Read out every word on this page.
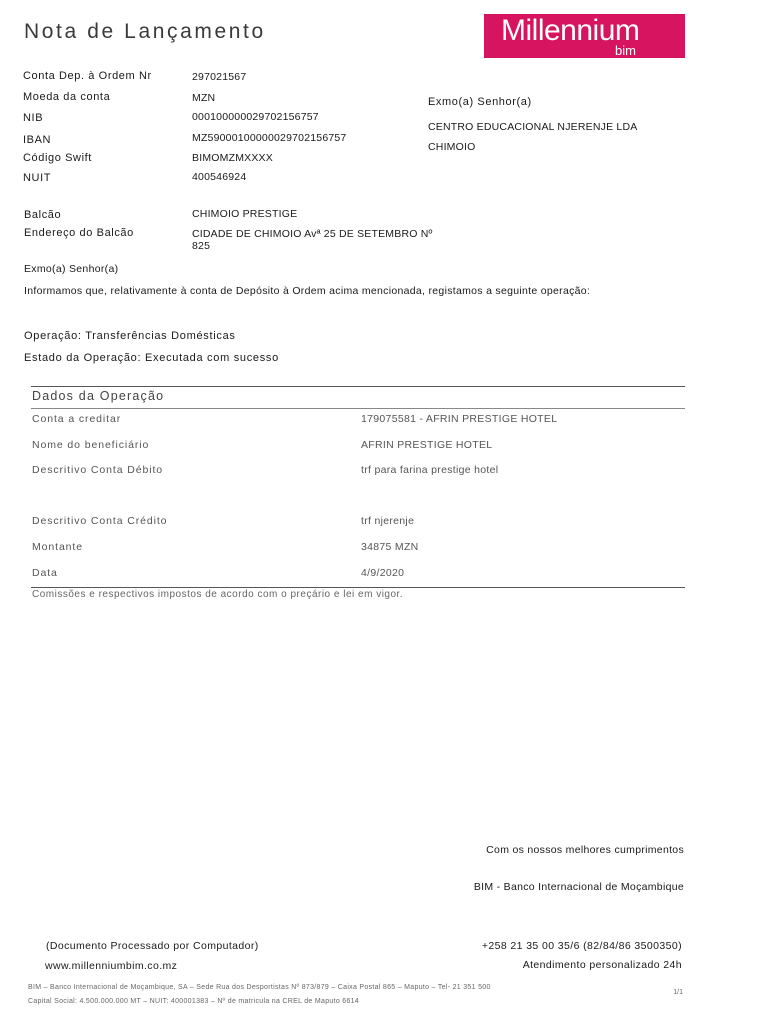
Nota de Lançamento	Millennium
bim
Conta Dep. à Ordem Nr	297021567
Moeda da conta	MZN
NIB	000100000029702156757
IBAN	MZ59000100000029702156757
Código Swift	BIMOMZMXXXX
NUIT	400546924
Balcão	CHIMOIO PRESTIGE
Endereço do Balcão	CIDADE DE CHIMOIO Avª 25 DE SETEMBRO Nº 825
Exmo(a) Senhor(a)
CENTRO EDUCACIONAL NJERENJE LDA
CHIMOIO
Exmo(a) Senhor(a)
Informamos que, relativamente à conta de Depósito à Ordem acima mencionada, registamos a seguinte operação:
Operação: Transferências Domésticas
Estado da Operação: Executada com sucesso
Dados da Operação
Conta a creditar	179075581 - AFRIN PRESTIGE HOTEL
Nome do beneficiário	AFRIN PRESTIGE HOTEL
Descritivo Conta Débito	trf para farina prestige hotel
Descritivo Conta Crédito	trf njerenje
Montante	34875 MZN
Data	4/9/2020
Comissões e respectivos impostos de acordo com o preçário e lei em vigor.
Com os nossos melhores cumprimentos
BIM - Banco Internacional de Moçambique
(Documento Processado por Computador)
www.millenniumbim.co.mz
+258 21 35 00 35/6 (82/84/86 3500350)
Atendimento personalizado 24h
BIM – Banco Internacional de Moçambique, SA – Sede Rua dos Desportistas Nº 873/879 – Caixa Postal 865 – Maputo – Tel- 21 351 500
Capital Social: 4.500.000.000 MT – NUIT: 400001383 – Nº de matricula na CREL de Maputo 6614
1/1
